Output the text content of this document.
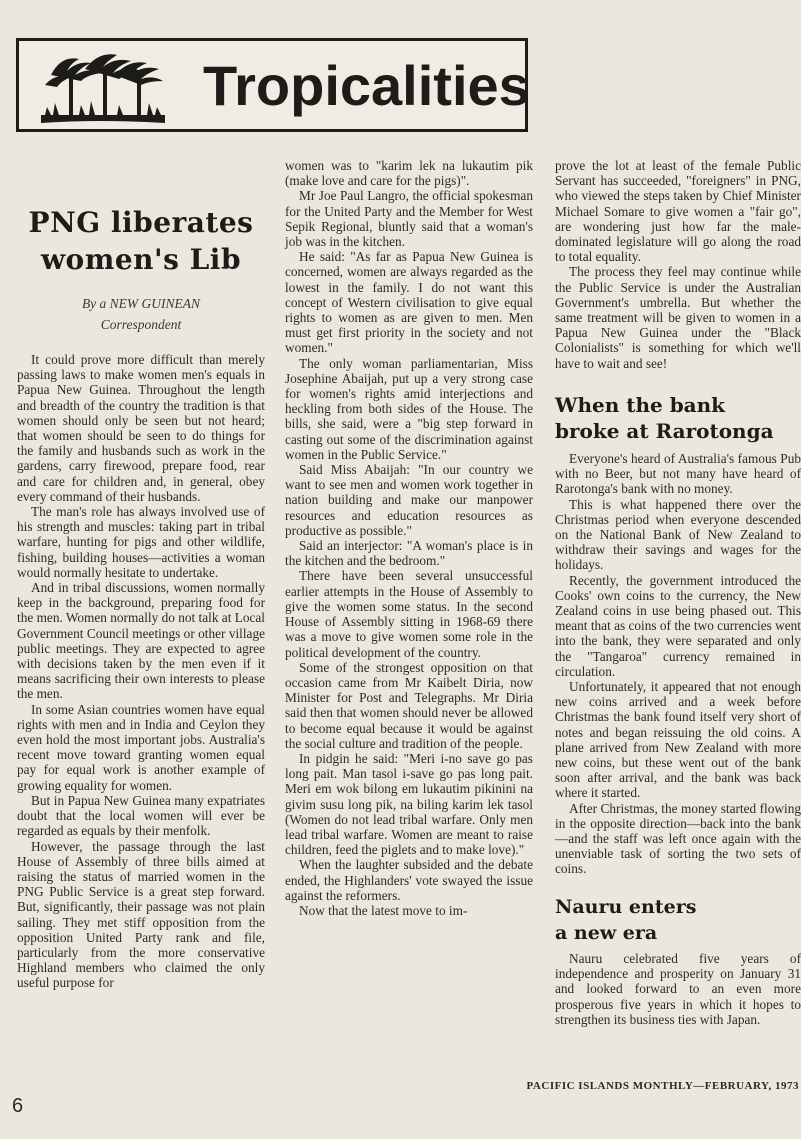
Tropicalities
PNG liberates
women's Lib
By a NEW GUINEAN
Correspondent

It could prove more difficult than merely passing laws to make women men's equals in Papua New Guinea. Throughout the length and breadth of the country the tradition is that women should only be seen but not heard; that women should be seen to do things for the family and husbands such as work in the gardens, carry firewood, prepare food, rear and care for children and, in general, obey every command of their husbands.

The man's role has always involved use of his strength and muscles: taking part in tribal warfare, hunting for pigs and other wildlife, fishing, building houses—activities a woman would normally hesitate to undertake.

And in tribal discussions, women normally keep in the background, preparing food for the men. Women normally do not talk at Local Government Council meetings or other village public meetings. They are expected to agree with decisions taken by the men even if it means sacrificing their own interests to please the men.

In some Asian countries women have equal rights with men and in India and Ceylon they even hold the most important jobs. Australia's recent move toward granting women equal pay for equal work is another example of growing equality for women.

But in Papua New Guinea many expatriates doubt that the local women will ever be regarded as equals by their menfolk.

However, the passage through the last House of Assembly of three bills aimed at raising the status of married women in the PNG Public Service is a great step forward. But, significantly, their passage was not plain sailing. They met stiff opposition from the opposition United Party rank and file, particularly from the more conservative Highland members who claimed the only useful purpose for

women was to "karim lek na lukautim pik (make love and care for the pigs)".

Mr Joe Paul Langro, the official spokesman for the United Party and the Member for West Sepik Regional, bluntly said that a woman's job was in the kitchen.

He said: "As far as Papua New Guinea is concerned, women are always regarded as the lowest in the family. I do not want this concept of Western civilisation to give equal rights to women as are given to men. Men must get first priority in the society and not women."

The only woman parliamentarian, Miss Josephine Abaijah, put up a very strong case for women's rights amid interjections and heckling from both sides of the House. The bills, she said, were a "big step forward in casting out some of the discrimination against women in the Public Service."

Said Miss Abaijah: "In our country we want to see men and women work together in nation building and make our manpower resources and education resources as productive as possible."

Said an interjector: "A woman's place is in the kitchen and the bedroom."

There have been several unsuccessful earlier attempts in the House of Assembly to give the women some status. In the second House of Assembly sitting in 1968-69 there was a move to give women some role in the political development of the country.

Some of the strongest opposition on that occasion came from Mr Kaibelt Diria, now Minister for Post and Telegraphs. Mr Diria said then that women should never be allowed to become equal because it would be against the social culture and tradition of the people.

In pidgin he said: "Meri i-no save go pas long pait. Man tasol i-save go pas long pait. Meri em wok bilong em lukautim pikinini na givim susu long pik, na biling karim lek tasol (Women do not lead tribal warfare. Only men lead tribal warfare. Women are meant to raise children, feed the piglets and to make love)."

When the laughter subsided and the debate ended, the Highlanders' vote swayed the issue against the reformers.

Now that the latest move to im-

prove the lot at least of the female Public Servant has succeeded, "foreigners" in PNG, who viewed the steps taken by Chief Minister Michael Somare to give women a "fair go", are wondering just how far the male-dominated legislature will go along the road to total equality.

The process they feel may continue while the Public Service is under the Australian Government's umbrella. But whether the same treatment will be given to women in a Papua New Guinea under the "Black Colonialists" is something for which we'll have to wait and see!

When the bank
broke at Rarotonga

Everyone's heard of Australia's famous Pub with no Beer, but not many have heard of Rarotonga's bank with no money.

This is what happened there over the Christmas period when everyone descended on the National Bank of New Zealand to withdraw their savings and wages for the holidays.

Recently, the government introduced the Cooks' own coins to the currency, the New Zealand coins in use being phased out. This meant that as coins of the two currencies went into the bank, they were separated and only the "Tangaroa" currency remained in circulation.

Unfortunately, it appeared that not enough new coins arrived and a week before Christmas the bank found itself very short of notes and began reissuing the old coins. A plane arrived from New Zealand with more new coins, but these went out of the bank soon after arrival, and the bank was back where it started.

After Christmas, the money started flowing in the opposite direction—back into the bank—and the staff was left once again with the unenviable task of sorting the two sets of coins.

Nauru enters
a new era

Nauru celebrated five years of independence and prosperity on January 31 and looked forward to an even more prosperous five years in which it hopes to strengthen its business ties with Japan.

6
PACIFIC ISLANDS MONTHLY—FEBRUARY, 1973
